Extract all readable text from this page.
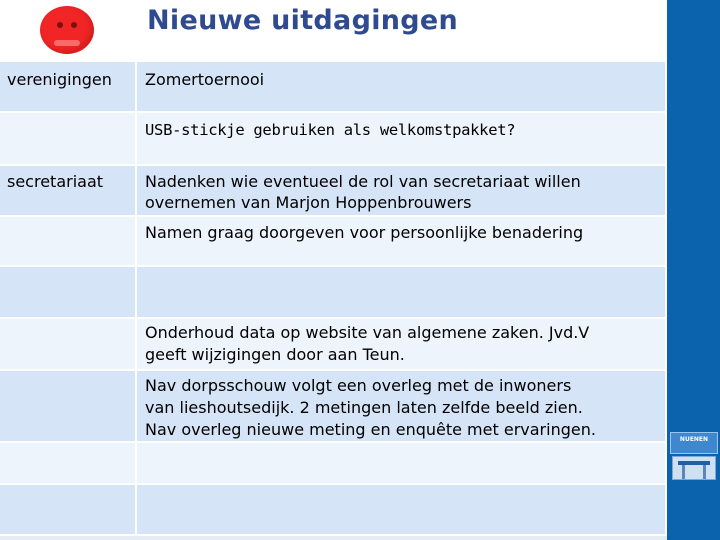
Nieuwe uitdagingen
verenigingen Zomertoernooi
USB-stickje gebruiken als welkomstpakket?
secretariaat	Nadenken wie eventueel de rol van secretariaat willen
overnemen van Marjon Hoppenbrouwers
Namen graag doorgeven voor persoonlijke benadering
Onderhoud data op website van algemene zaken. Jvd.V
geeft wijzigingen door aan Teun.
Nav dorpsschouw volgt een overleg met de inwoners
van lieshoutsedijk. 2 metingen laten zelfde beeld zien.
Nav overleg nieuwe meting en enquête met ervaringen.
NUENEN
